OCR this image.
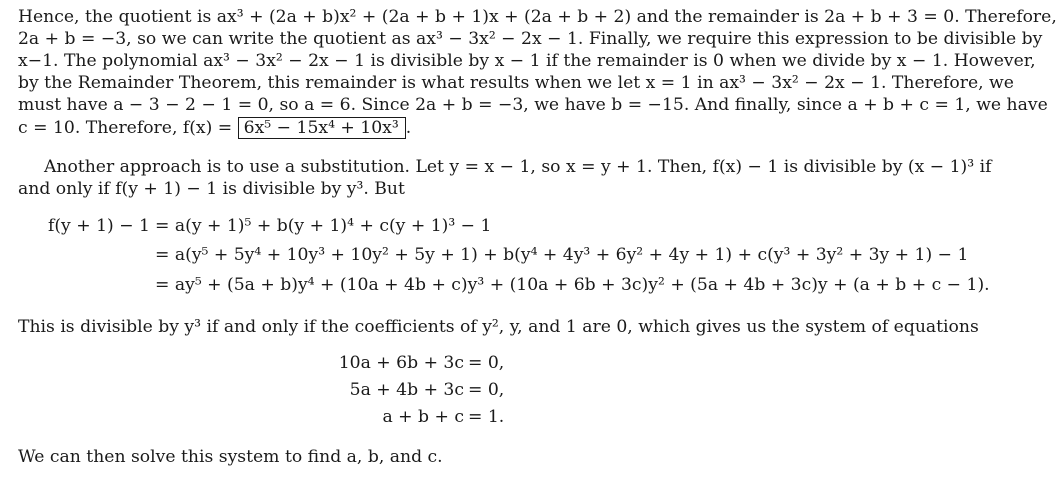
Hence, the quotient is ax³ + (2a + b)x² + (2a + b + 1)x + (2a + b + 2) and the remainder is 2a + b + 3 = 0. Therefore,
2a + b = −3, so we can write the quotient as ax³ − 3x² − 2x − 1. Finally, we require this expression to be divisible by
x−1. The polynomial ax³ − 3x² − 2x − 1 is divisible by x − 1 if the remainder is 0 when we divide by x − 1. However,
by the Remainder Theorem, this remainder is what results when we let x = 1 in ax³ − 3x² − 2x − 1. Therefore, we
must have a − 3 − 2 − 1 = 0, so a = 6. Since 2a + b = −3, we have b = −15. And finally, since a + b + c = 1, we have
c = 10. Therefore, f(x) = 6x⁵ − 15x⁴ + 10x³ .
Another approach is to use a substitution. Let y = x − 1, so x = y + 1. Then, f(x) − 1 is divisible by (x − 1)³ if
and only if f(y + 1) − 1 is divisible by y³. But
f(y + 1) − 1 = a(y + 1)⁵ + b(y + 1)⁴ + c(y + 1)³ − 1
= a(y⁵ + 5y⁴ + 10y³ + 10y² + 5y + 1) + b(y⁴ + 4y³ + 6y² + 4y + 1) + c(y³ + 3y² + 3y + 1) − 1
= ay⁵ + (5a + b)y⁴ + (10a + 4b + c)y³ + (10a + 6b + 3c)y² + (5a + 4b + 3c)y + (a + b + c − 1).
This is divisible by y³ if and only if the coefficients of y², y, and 1 are 0, which gives us the system of equations
10a + 6b + 3c = 0,
5a + 4b + 3c = 0,
a + b + c = 1.
We can then solve this system to find a, b, and c.
